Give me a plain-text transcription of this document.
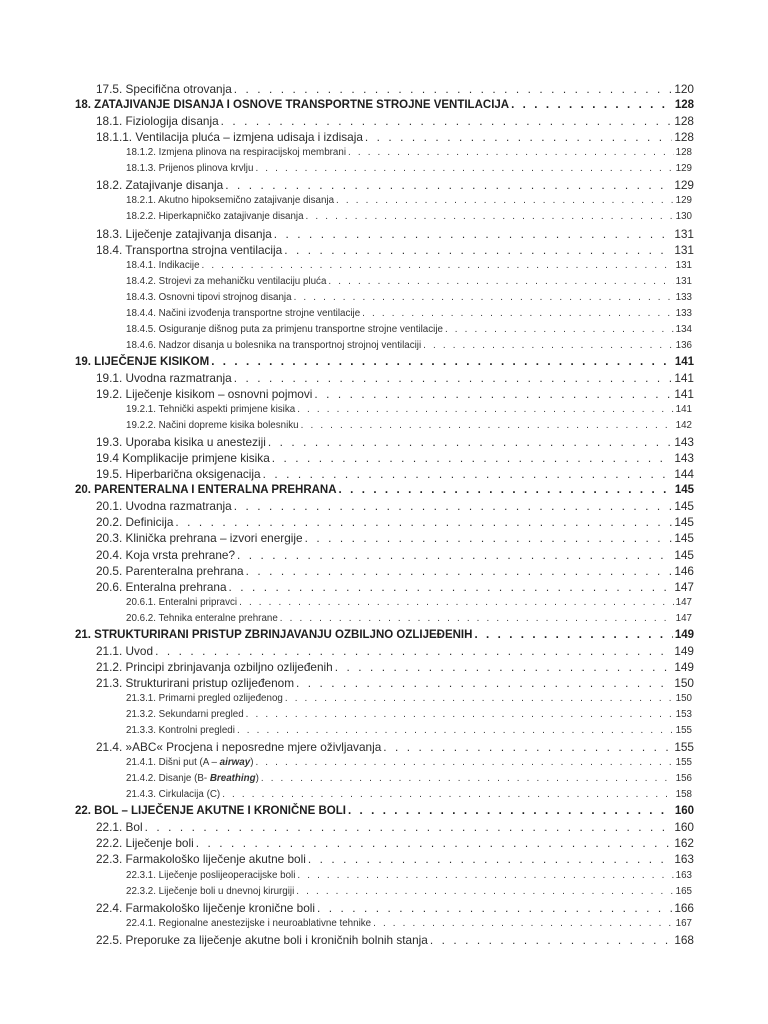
17.5. Specifična otrovanja . . .	120
18. ZATAJIVANJE DISANJA I OSNOVE TRANSPORTNE STROJNE VENTILACIJA . . .	128
18.1. Fiziologija disanja . . .	128
18.1.1. Ventilacija pluća – izmjena udisaja i izdisaja . . .	128
18.1.2. Izmjena plinova na respiracijskoj membrani . . .	128
18.1.3. Prijenos plinova krvlju . . .	129
18.2. Zatajivanje disanja . . .	129
18.2.1. Akutno hipoksemično zatajivanje disanja . . .	129
18.2.2. Hiperkapničko zatajivanje disanja . . .	130
18.3. Liječenje zatajivanja disanja . . .	131
18.4. Transportna strojna ventilacija . . .	131
18.4.1. Indikacije . . .	131
18.4.2. Strojevi za mehaničku ventilaciju pluća . . .	131
18.4.3. Osnovni tipovi strojnog disanja . . .	133
18.4.4. Načini izvođenja transportne strojne ventilacije . . .	133
18.4.5. Osiguranje dišnog puta za primjenu transportne strojne ventilacije . . .	134
18.4.6. Nadzor disanja u bolesnika na transportnoj strojnoj ventilaciji . . .	136
19. LIJEČENJE KISIKOM . . .	141
19.1. Uvodna razmatranja . . .	141
19.2. Liječenje kisikom – osnovni pojmovi . . .	141
19.2.1. Tehnički aspekti primjene kisika . . .	141
19.2.2. Načini dopreme kisika bolesniku . . .	142
19.3. Uporaba kisika u anesteziji . . .	143
19.4 Komplikacije primjene kisika . . .	143
19.5. Hiperbarična oksigenacija . . .	144
20. PARENTERALNA I ENTERALNA PREHRANA . . .	145
20.1. Uvodna razmatranja . . .	145
20.2. Definicija . . .	145
20.3. Klinička prehrana – izvori energije . . .	145
20.4. Koja vrsta prehrane? . . .	145
20.5. Parenteralna prehrana . . .	146
20.6. Enteralna prehrana . . .	147
20.6.1. Enteralni pripravci . . .	147
20.6.2. Tehnika enteralne prehrane . . .	147
21. STRUKTURIRANI PRISTUP ZBRINJAVANJU OZBILJNO OZLIJEĐENIH . . .	149
21.1. Uvod . . .	149
21.2. Principi zbrinjavanja ozbiljno ozlijeđenih . . .	149
21.3. Strukturirani pristup ozlijeđenom . . .	150
21.3.1. Primarni pregled ozlijeđenog . . .	150
21.3.2. Sekundarni pregled . . .	153
21.3.3. Kontrolni pregledi . . .	155
21.4. »ABC« Procjena i neposredne mjere oživljavanja . . .	155
21.4.1. Dišni put (A – airway) . . .	155
21.4.2. Disanje (B- Breathing) . . .	156
21.4.3. Cirkulacija (C) . . .	158
22. BOL – LIJEČENJE AKUTNE I KRONIČNE BOLI . . .	160
22.1. Bol . . .	160
22.2. Liječenje boli . . .	162
22.3. Farmakološko liječenje akutne boli . . .	163
22.3.1. Liječenje poslijeoperacijske boli . . .	163
22.3.2. Liječenje boli u dnevnoj kirurgiji . . .	165
22.4. Farmakološko liječenje kronične boli . . .	166
22.4.1. Regionalne anestezijske i neuroablativne tehnike . . .	167
22.5. Preporuke za liječenje akutne boli i kroničnih bolnih stanja . . .	168
